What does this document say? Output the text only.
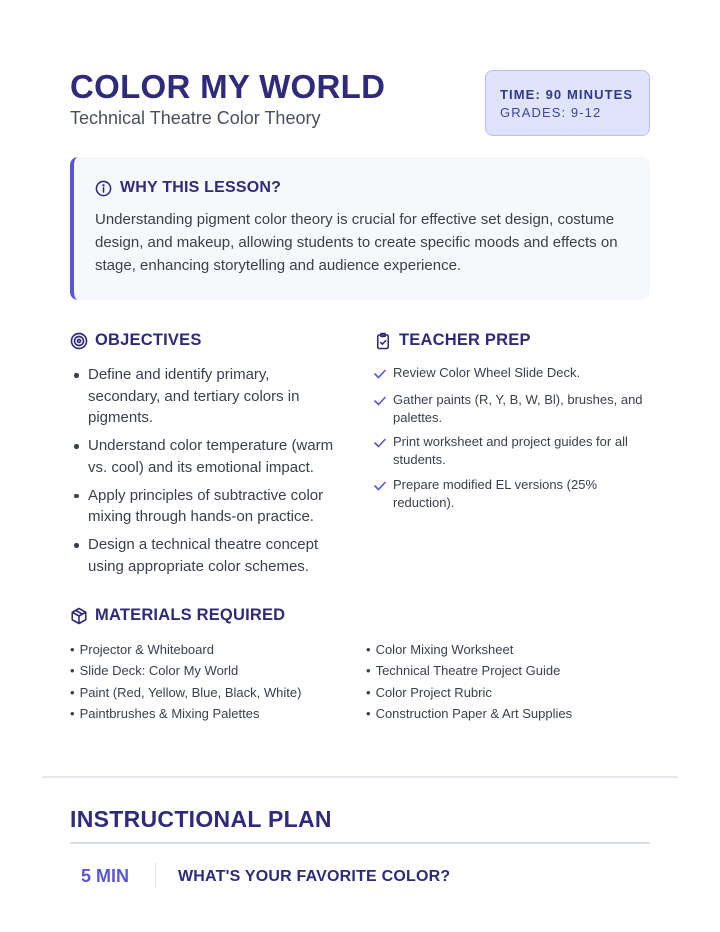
COLOR MY WORLD
Technical Theatre Color Theory
TIME: 90 MINUTES
GRADES: 9-12
WHY THIS LESSON?

Understanding pigment color theory is crucial for effective set design, costume design, and makeup, allowing students to create specific moods and effects on stage, enhancing storytelling and audience experience.

OBJECTIVES
Define and identify primary, secondary, and tertiary colors in pigments.
Understand color temperature (warm vs. cool) and its emotional impact.
Apply principles of subtractive color mixing through hands-on practice.
Design a technical theatre concept using appropriate color schemes.
TEACHER PREP
Review Color Wheel Slide Deck.
Gather paints (R, Y, B, W, Bl), brushes, and palettes.
Print worksheet and project guides for all students.
Prepare modified EL versions (25% reduction).
MATERIALS REQUIRED
• Projector & Whiteboard
• Slide Deck: Color My World
• Paint (Red, Yellow, Blue, Black, White)
• Paintbrushes & Mixing Palettes
• Color Mixing Worksheet
• Technical Theatre Project Guide
• Color Project Rubric
• Construction Paper & Art Supplies
INSTRUCTIONAL PLAN
5 MIN	WHAT'S YOUR FAVORITE COLOR?
